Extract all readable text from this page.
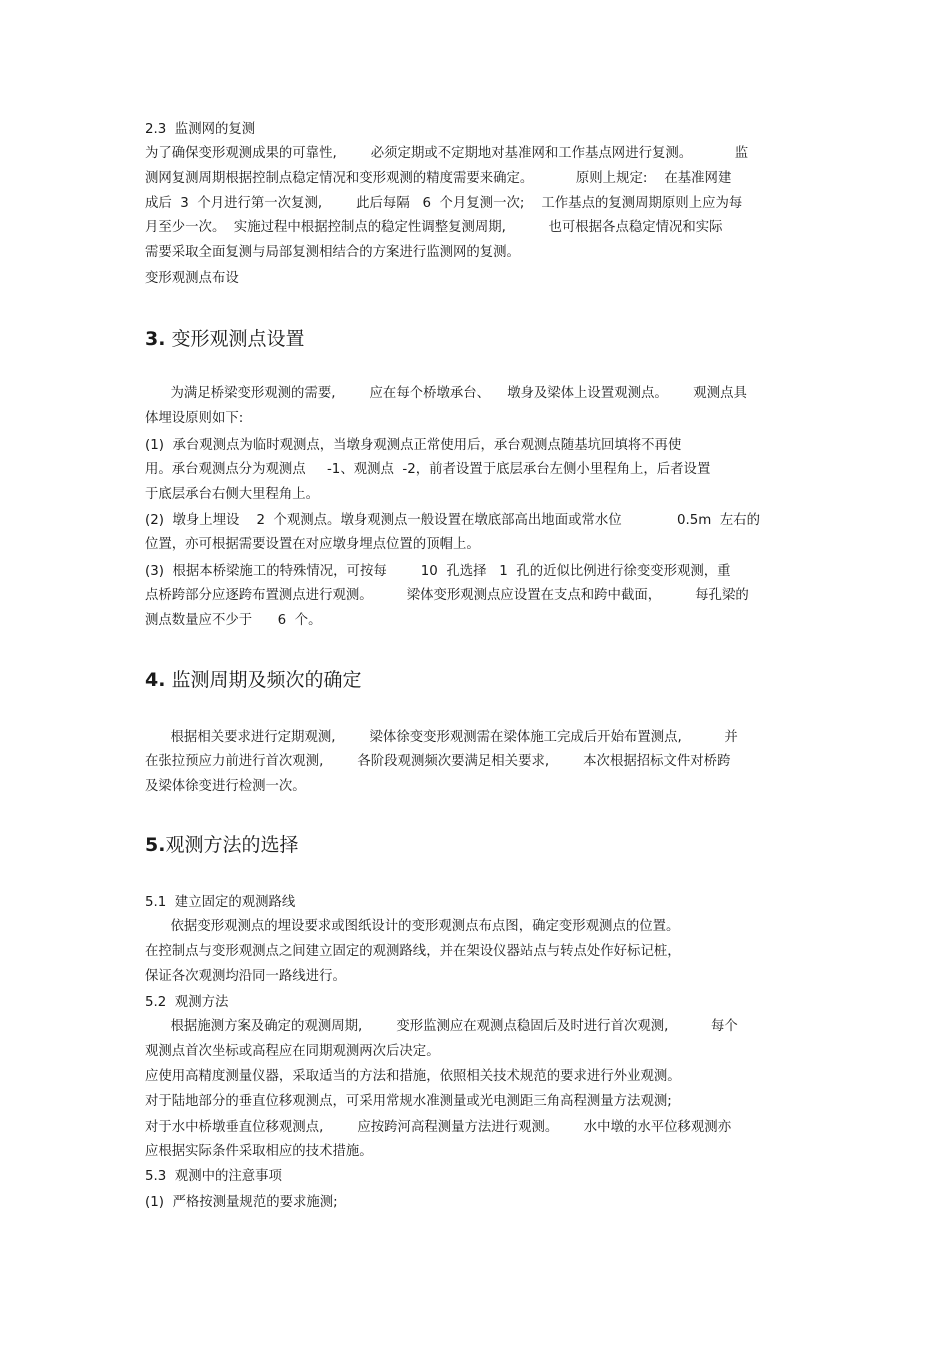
2.3  监测网的复测
为了确保变形观测成果的可靠性,        必须定期或不定期地对基准网和工作基点网进行复测。          监
测网复测周期根据控制点稳定情况和变形观测的精度需要来确定。          原则上规定:    在基准网建
成后  3  个月进行第一次复测,        此后每隔   6  个月复测一次;    工作基点的复测周期原则上应为每
月至少一次。  实施过程中根据控制点的稳定性调整复测周期,          也可根据各点稳定情况和实际
需要采取全面复测与局部复测相结合的方案进行监测网的复测。
变形观测点布设
3. 变形观测点设置
为满足桥梁变形观测的需要,        应在每个桥墩承台、    墩身及梁体上设置观测点。      观测点具
体埋设原则如下:
(1)  承台观测点为临时观测点，当墩身观测点正常使用后，承台观测点随基坑回填将不再使
用。承台观测点分为观测点     -1、观测点  -2，前者设置于底层承台左侧小里程角上，后者设置
于底层承台右侧大里程角上。
(2)  墩身上埋设    2  个观测点。墩身观测点一般设置在墩底部高出地面或常水位             0.5m  左右的
位置，亦可根据需要设置在对应墩身埋点位置的顶帽上。
(3)  根据本桥梁施工的特殊情况，可按每        10  孔选择   1  孔的近似比例进行徐变变形观测，重
点桥跨部分应逐跨布置测点进行观测。        梁体变形观测点应设置在支点和跨中截面，        每孔梁的
测点数量应不少于      6  个。
4. 监测周期及频次的确定
根据相关要求进行定期观测,        梁体徐变变形观测需在梁体施工完成后开始布置测点,          并
在张拉预应力前进行首次观测,        各阶段观测频次要满足相关要求,        本次根据招标文件对桥跨
及梁体徐变进行检测一次。
5.观测方法的选择
5.1  建立固定的观测路线
依据变形观测点的埋设要求或图纸设计的变形观测点布点图，确定变形观测点的位置。
在控制点与变形观测点之间建立固定的观测路线，并在架设仪器站点与转点处作好标记桩，
保证各次观测均沿同一路线进行。
5.2  观测方法
根据施测方案及确定的观测周期,        变形监测应在观测点稳固后及时进行首次观测,          每个
观测点首次坐标或高程应在同期观测两次后决定。
应使用高精度测量仪器，采取适当的方法和措施，依照相关技术规范的要求进行外业观测。
对于陆地部分的垂直位移观测点，可采用常规水准测量或光电测距三角高程测量方法观测;
对于水中桥墩垂直位移观测点,        应按跨河高程测量方法进行观测。      水中墩的水平位移观测亦
应根据实际条件采取相应的技术措施。
5.3  观测中的注意事项
(1)  严格按测量规范的要求施测;
